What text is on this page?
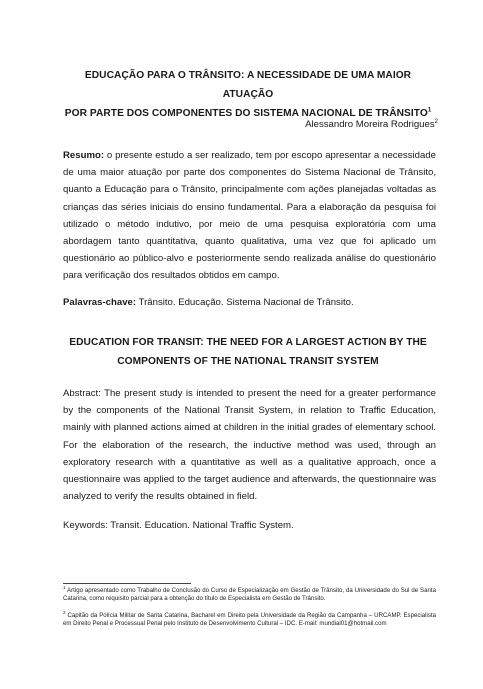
EDUCAÇÃO PARA O TRÂNSITO: A NECESSIDADE DE UMA MAIOR ATUAÇÃO
POR PARTE DOS COMPONENTES DO SISTEMA NACIONAL DE TRÂNSITO$^1$
Alessandro Moreira Rodrigues$^2$

Resumo: o presente estudo a ser realizado, tem por escopo apresentar a necessidade de uma maior atuação por parte dos componentes do Sistema Nacional de Trânsito, quanto a Educação para o Trânsito, principalmente com ações planejadas voltadas as crianças das séries iniciais do ensino fundamental. Para a elaboração da pesquisa foi utilizado o método indutivo, por meio de uma pesquisa exploratória com uma abordagem tanto quantitativa, quanto qualitativa, uma vez que foi aplicado um questionário ao público-alvo e posteriormente sendo realizada análise do questionário para verificação dos resultados obtidos em campo.

Palavras-chave: Trânsito. Educação. Sistema Nacional de Trânsito.

EDUCATION FOR TRANSIT: THE NEED FOR A LARGEST ACTION BY THE
COMPONENTS OF THE NATIONAL TRANSIT SYSTEM

Abstract: The present study is intended to present the need for a greater performance by the components of the National Transit System, in relation to Traffic Education, mainly with planned actions aimed at children in the initial grades of elementary school. For the elaboration of the research, the inductive method was used, through an exploratory research with a quantitative as well as a qualitative approach, once a questionnaire was applied to the target audience and afterwards, the questionnaire was analyzed to verify the results obtained in field.

Keywords: Transit. Education. National Traffic System.

$^1$ Artigo apresentado como Trabalho de Conclusão do Curso de Especialização em Gestão de Trânsito, da Universidade do Sul de Santa Catarina, como requisito parcial para a obtenção do título de Especialista em Gestão de Trânsito.

$^2$ Capitão da Polícia Militar de Santa Catarina, Bacharel em Direito pela Universidade da Região da Campanha – URCAMP. Especialista em Direito Penal e Processual Penal pelo Instituto de Desenvolvimento Cultural – IDC. E-mail: mundial01@hotmail.com
